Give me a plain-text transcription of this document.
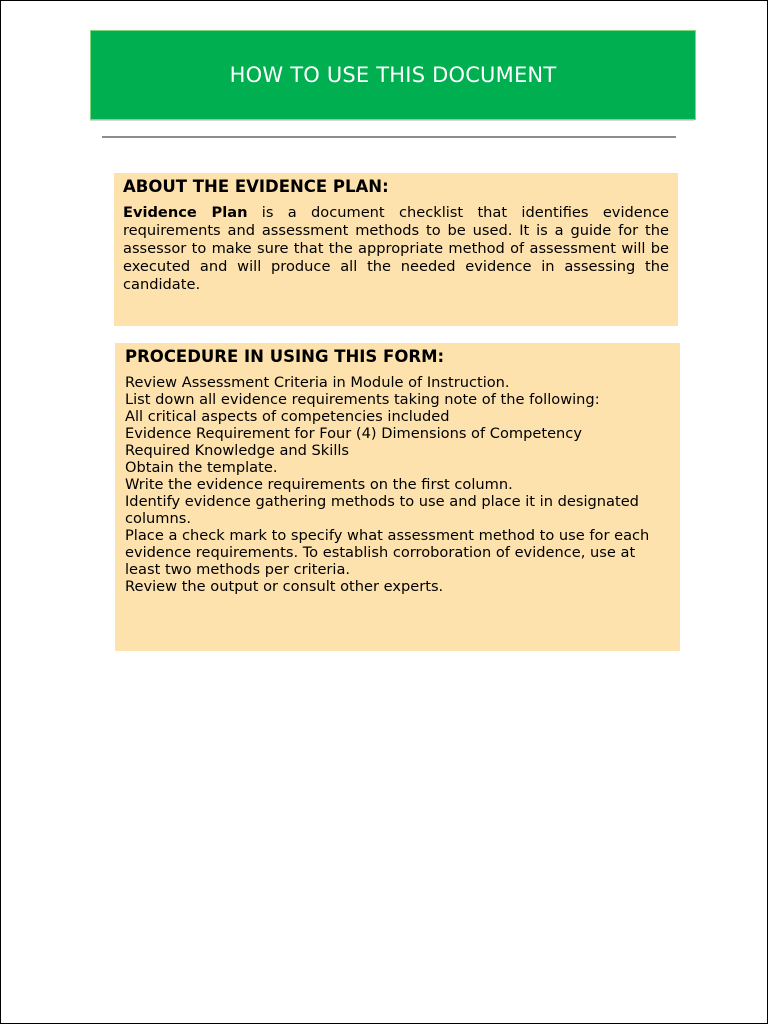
HOW TO USE THIS DOCUMENT

ABOUT THE EVIDENCE PLAN:

Evidence Plan is a document checklist that identifies evidence requirements and assessment methods to be used. It is a guide for the assessor to make sure that the appropriate method of assessment will be executed and will produce all the needed evidence in assessing the candidate.

PROCEDURE IN USING THIS FORM:

Review Assessment Criteria in Module of Instruction.
List down all evidence requirements taking note of the following:
All critical aspects of competencies included
Evidence Requirement for Four (4) Dimensions of Competency
Required Knowledge and Skills
Obtain the template.
Write the evidence requirements on the first column.
Identify evidence gathering methods to use and place it in designated columns.
Place a check mark to specify what assessment method to use for each evidence requirements. To establish corroboration of evidence, use at least two methods per criteria.
Review the output or consult other experts.
